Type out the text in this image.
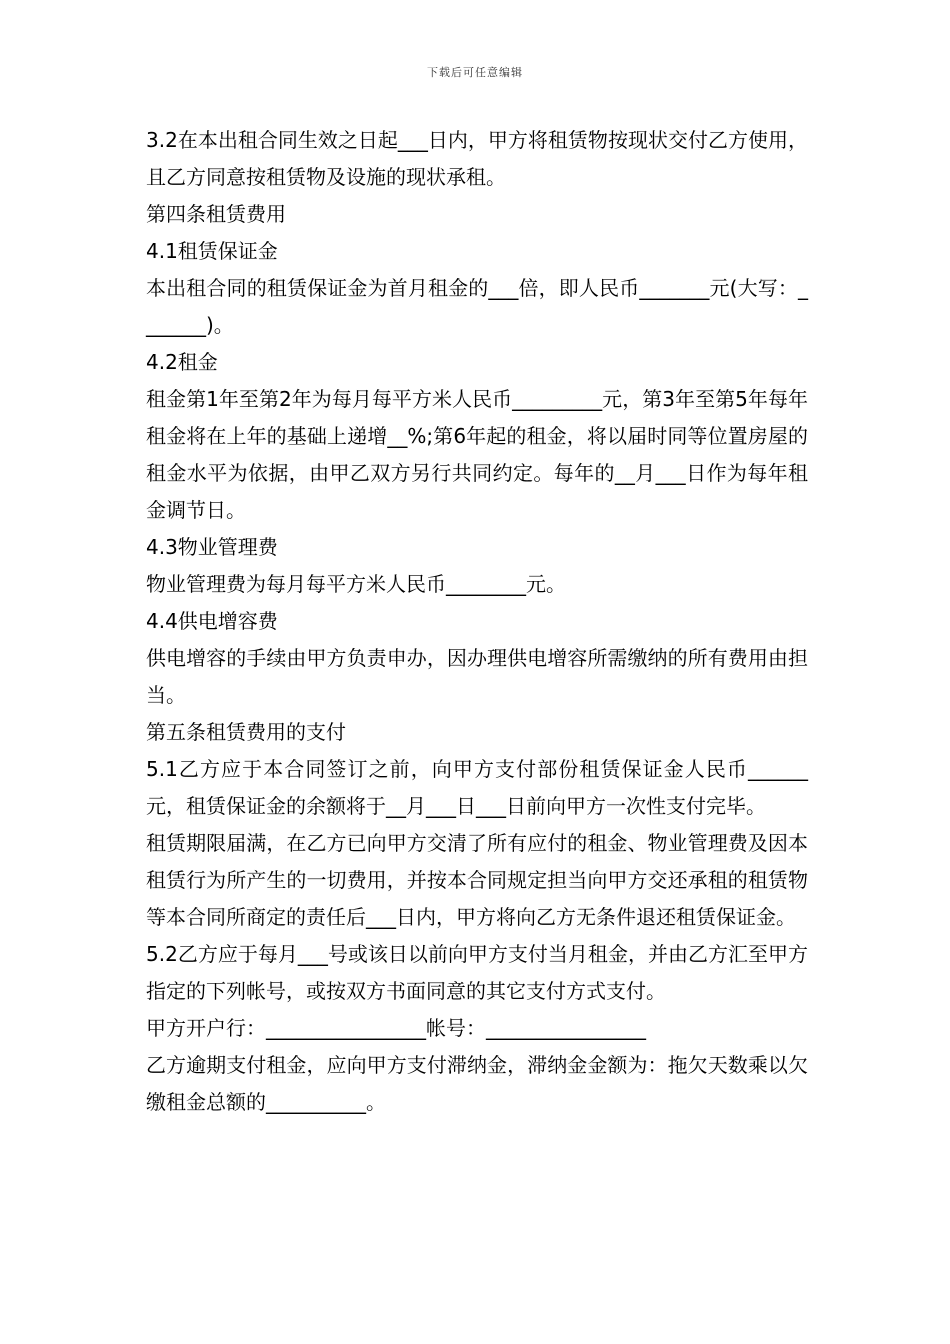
下载后可任意编辑

3.2在本出租合同生效之日起___日内，甲方将租赁物按现状交付乙方使用，且乙方同意按租赁物及设施的现状承租。

第四条租赁费用

4.1租赁保证金

本出租合同的租赁保证金为首月租金的___倍，即人民币_______元(大写：_______)。

4.2租金

租金第1年至第2年为每月每平方米人民币_________元，第3年至第5年每年租金将在上年的基础上递增__%;第6年起的租金，将以届时同等位置房屋的租金水平为依据，由甲乙双方另行共同约定。每年的__月___日作为每年租金调节日。

4.3物业管理费

物业管理费为每月每平方米人民币________元。

4.4供电增容费

供电增容的手续由甲方负责申办，因办理供电增容所需缴纳的所有费用由担当。

第五条租赁费用的支付

5.1乙方应于本合同签订之前，向甲方支付部份租赁保证金人民币______元，租赁保证金的余额将于__月___日___日前向甲方一次性支付完毕。

租赁期限届满，在乙方已向甲方交清了所有应付的租金、物业管理费及因本租赁行为所产生的一切费用，并按本合同规定担当向甲方交还承租的租赁物等本合同所商定的责任后___日内，甲方将向乙方无条件退还租赁保证金。

5.2乙方应于每月___号或该日以前向甲方支付当月租金，并由乙方汇至甲方指定的下列帐号，或按双方书面同意的其它支付方式支付。

甲方开户行：________________帐号：________________

乙方逾期支付租金，应向甲方支付滞纳金，滞纳金金额为：拖欠天数乘以欠缴租金总额的__________。
